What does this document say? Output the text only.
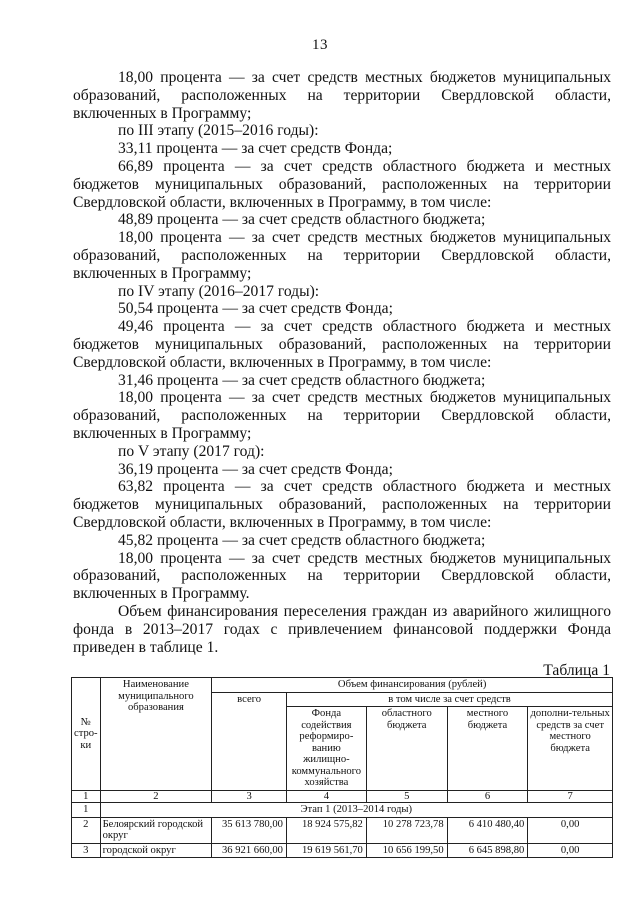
13

18,00 процента — за счет средств местных бюджетов муниципальных образований, расположенных на территории Свердловской области, включенных в Программу;

по III этапу (2015–2016 годы):

33,11 процента — за счет средств Фонда;

66,89 процента — за счет средств областного бюджета и местных бюджетов муниципальных образований, расположенных на территории Свердловской области, включенных в Программу, в том числе:

48,89 процента — за счет средств областного бюджета;

18,00 процента — за счет средств местных бюджетов муниципальных образований, расположенных на территории Свердловской области, включенных в Программу;

по IV этапу (2016–2017 годы):

50,54 процента — за счет средств Фонда;

49,46 процента — за счет средств областного бюджета и местных бюджетов муниципальных образований, расположенных на территории Свердловской области, включенных в Программу, в том числе:

31,46 процента — за счет средств областного бюджета;

18,00 процента — за счет средств местных бюджетов муниципальных образований, расположенных на территории Свердловской области, включенных в Программу;

по V этапу (2017 год):

36,19 процента — за счет средств Фонда;

63,82 процента — за счет средств областного бюджета и местных бюджетов муниципальных образований, расположенных на территории Свердловской области, включенных в Программу, в том числе:

45,82 процента — за счет средств областного бюджета;

18,00 процента — за счет средств местных бюджетов муниципальных образований, расположенных на территории Свердловской области, включенных в Программу.

Объем финансирования переселения граждан из аварийного жилищного фонда в 2013–2017 годах с привлечением финансовой поддержки Фонда приведен в таблице 1.

Таблица 1
№ стро-ки	Наименование муниципального образования	Объем финансирования (рублей)				
		всего	в том числе за счет средств			
			Фонда содействия реформиро-ванию жилищно-коммунального хозяйства	областного бюджета	местного бюджета	дополни-тельных средств за счет местного бюджета
1	2	3	4	5	6	7
1	Этап 1 (2013–2014 годы)					
2	Белоярский городской округ	35 613 780,00	18 924 575,82	10 278 723,78	6 410 480,40	0,00
3	городской округ	36 921 660,00	19 619 561,70	10 656 199,50	6 645 898,80	0,00
